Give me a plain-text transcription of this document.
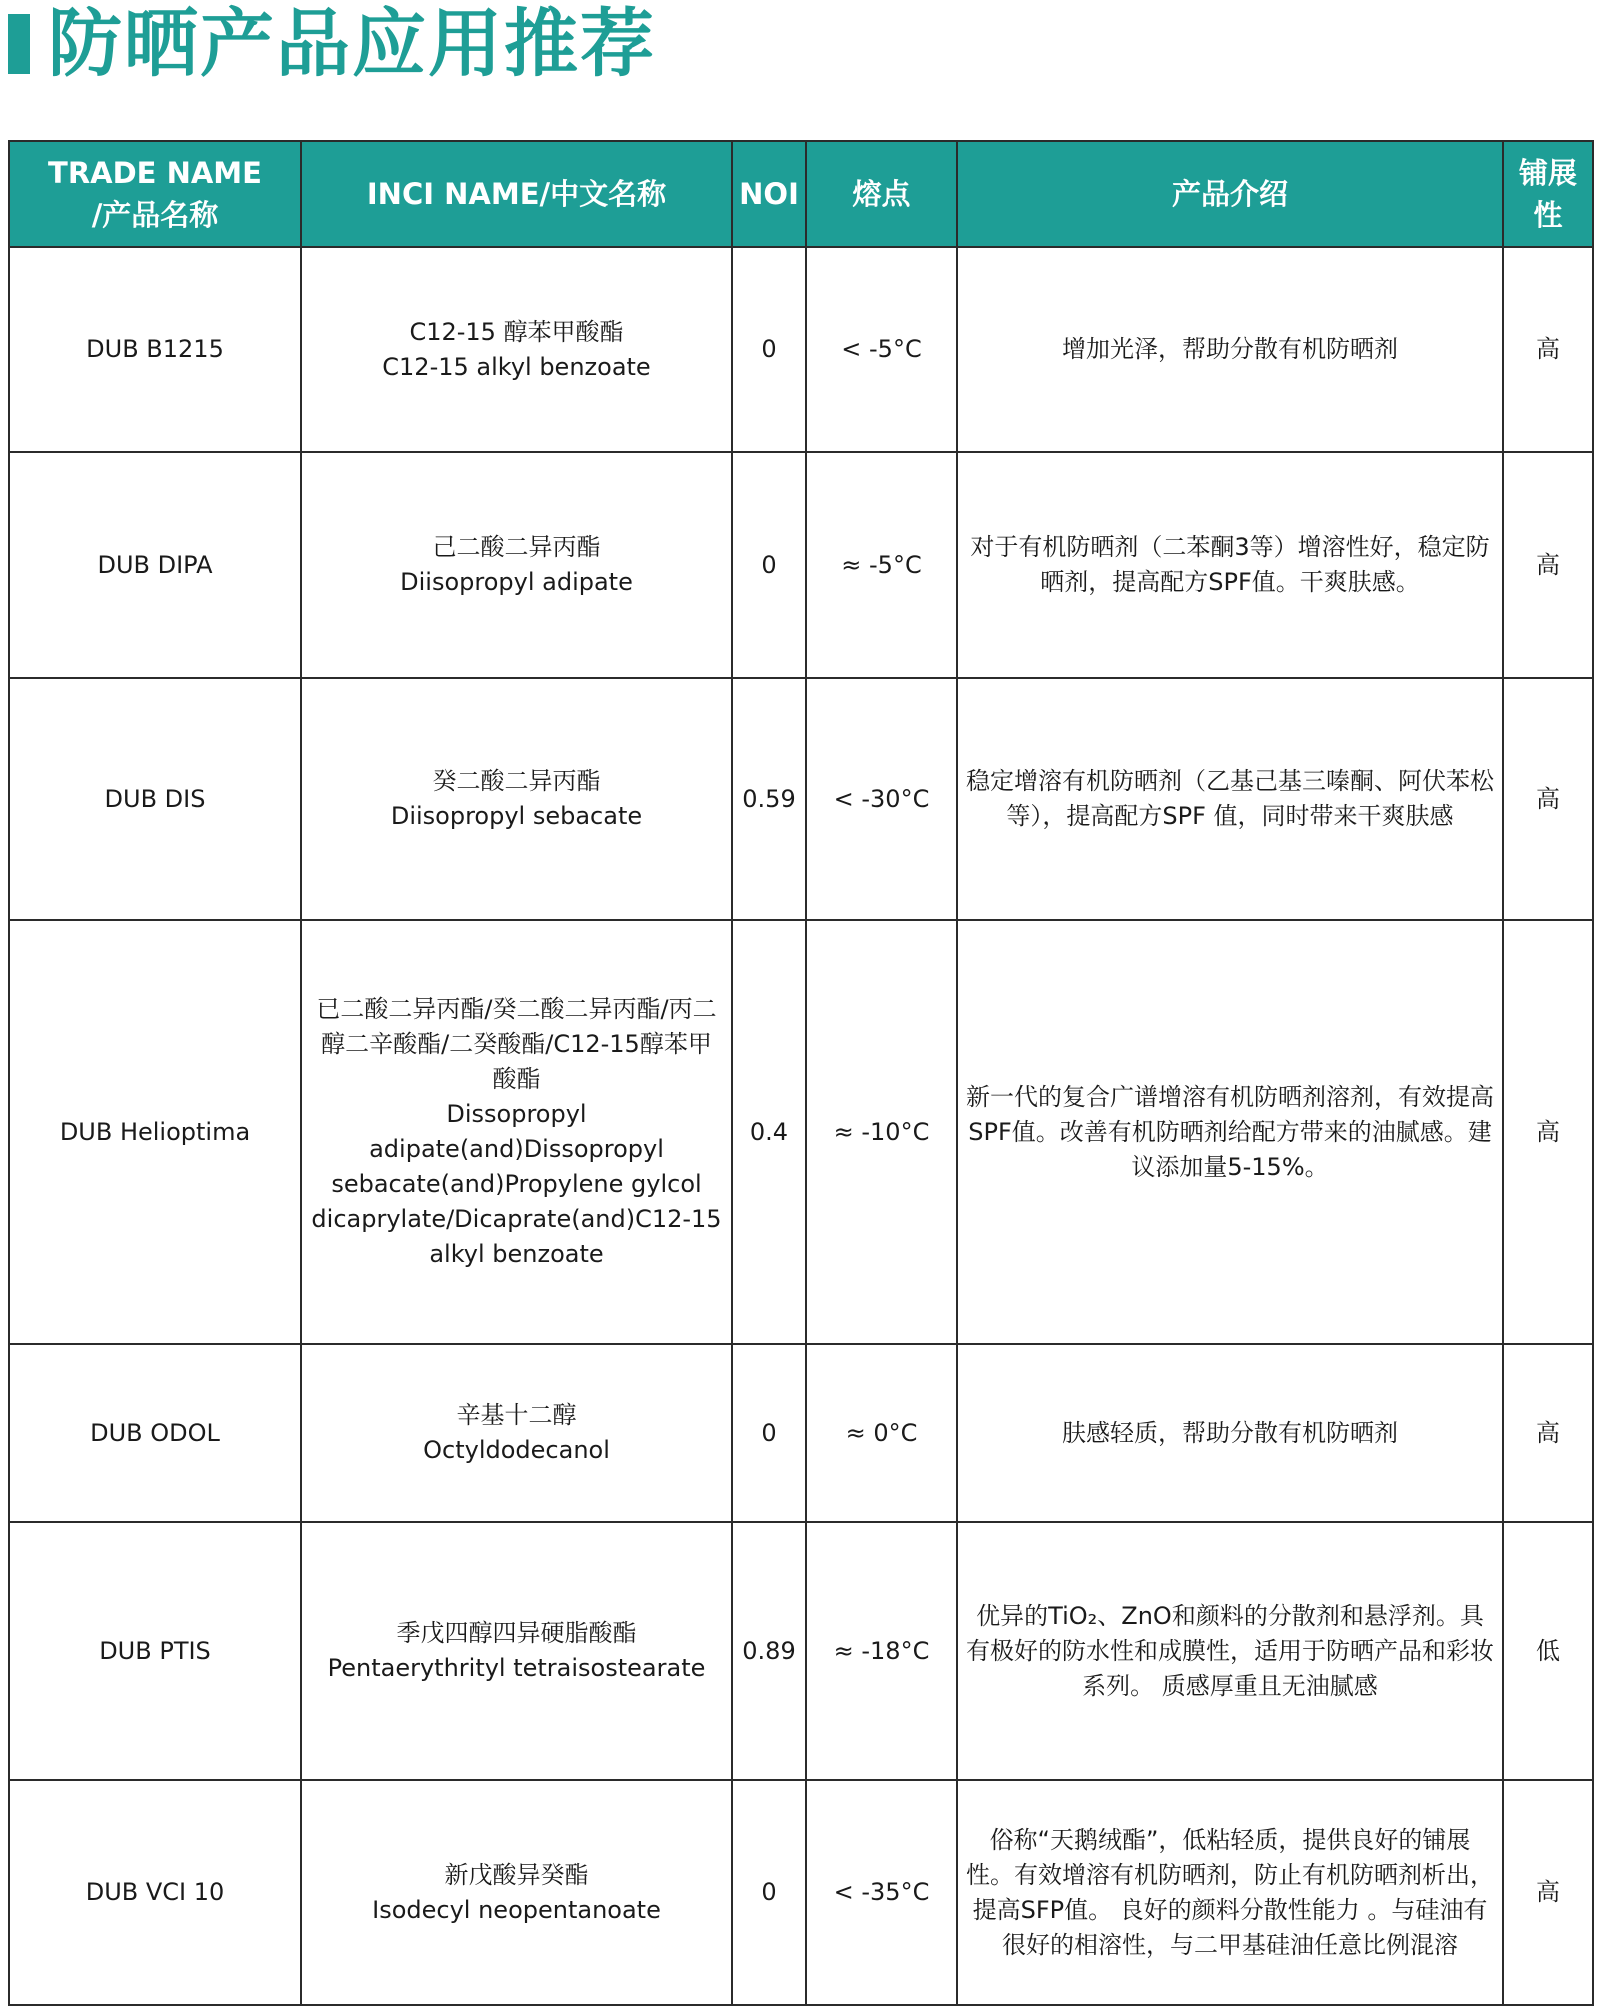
防晒产品应用推荐
TRADE NAME
/产品名称	INCI NAME/中文名称	NOI	熔点	产品介绍	铺展
性
DUB B1215	C12-15 醇苯甲酸酯
C12-15 alkyl benzoate	0	< -5°C	增加光泽，帮助分散有机防晒剂	高
DUB DIPA	己二酸二异丙酯
Diisopropyl adipate	0	≈ -5°C	对于有机防晒剂（二苯酮3等）增溶性好，稳定防晒剂，提高配方SPF值。干爽肤感。	高
DUB DIS	癸二酸二异丙酯
Diisopropyl sebacate	0.59	< -30°C	稳定增溶有机防晒剂（乙基己基三嗪酮、阿伏苯松等），提高配方SPF 值，同时带来干爽肤感	高
DUB Helioptima	已二酸二异丙酯/癸二酸二异丙酯/丙二醇二辛酸酯/二癸酸酯/C12-15醇苯甲酸酯
Dissopropyl adipate(and)Dissopropyl sebacate(and)Propylene gylcol dicaprylate/Dicaprate(and)C12-15 alkyl benzoate	0.4	≈ -10°C	新一代的复合广谱增溶有机防晒剂溶剂，有效提高SPF值。改善有机防晒剂给配方带来的油腻感。建议添加量5-15%。	高
DUB ODOL	辛基十二醇
Octyldodecanol	0	≈ 0°C	肤感轻质，帮助分散有机防晒剂	高
DUB PTIS	季戊四醇四异硬脂酸酯
Pentaerythrityl tetraisostearate	0.89	≈ -18°C	优异的TiO₂、ZnO和颜料的分散剂和悬浮剂。具有极好的防水性和成膜性，适用于防晒产品和彩妆系列。 质感厚重且无油腻感	低
DUB VCI 10	新戊酸异癸酯
Isodecyl neopentanoate	0	< -35°C	俗称“天鹅绒酯”，低粘轻质，提供良好的铺展性。有效增溶有机防晒剂，防止有机防晒剂析出，提高SFP值。 良好的颜料分散性能力 。与硅油有很好的相溶性，与二甲基硅油任意比例混溶	高
